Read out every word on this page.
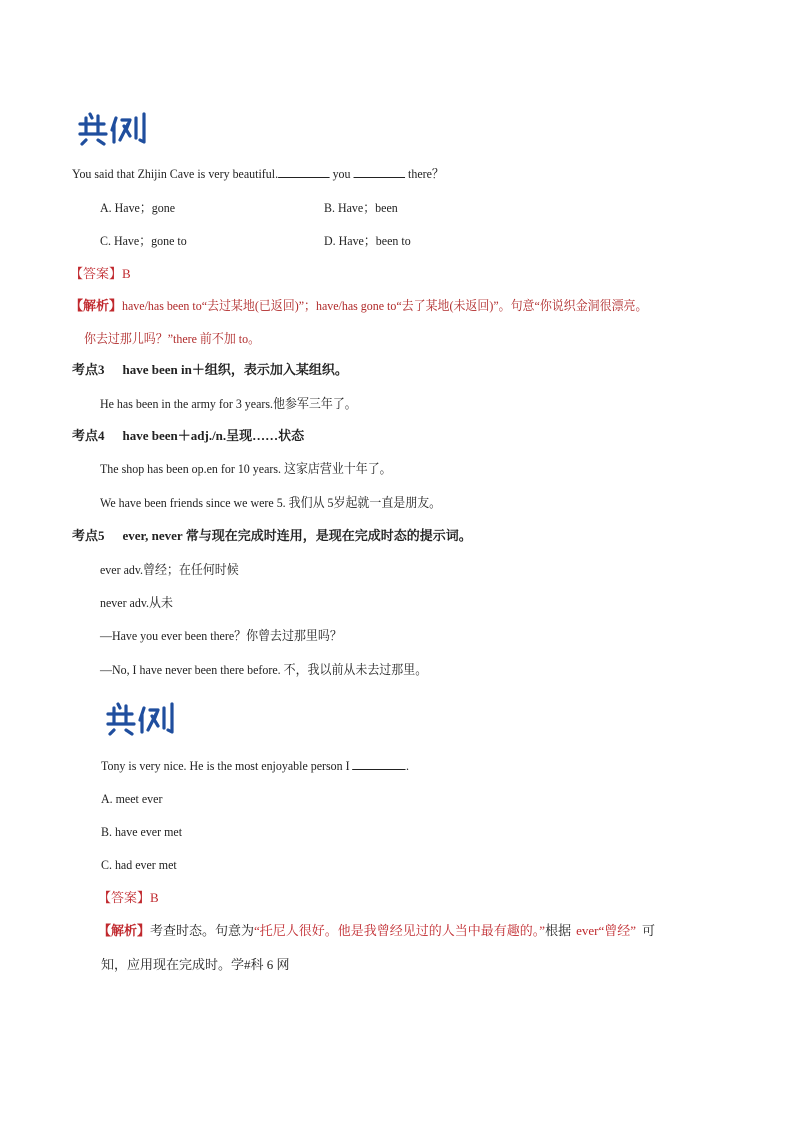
You said that Zhijin Cave is very beautiful.	you	there？
A. Have；gone	B. Have；been
C. Have；gone to	D. Have；been to
【答案】B
【解析】have/has been to“去过某地(已返回)”；have/has gone to“去了某地(未返回)”。句意“你说织金洞很漂亮。
你去过那儿吗？”there 前不加 to。
考点3 have been in＋组织，表示加入某组织。
He has been in the army for 3 years.他参军三年了。
考点4 have been＋adj./n.呈现……状态
The shop has been op.en for 10 years. 这家店营业十年了。
We have been friends since we were 5. 我们从 5岁起就一直是朋友。
考点5 ever, never 常与现在完成时连用，是现在完成时态的提示词。
ever adv.曾经；在任何时候
never adv.从未
—Have you ever been there？你曾去过那里吗？
—No, I have never been there before. 不，我以前从未去过那里。
Tony is very nice. He is the most enjoyable person I	.
A. meet ever
B. have ever met
C. had ever met
【答案】B
【解析】考查时态。句意为“托尼人很好。他是我曾经见过的人当中最有趣的。”根据 ever“曾经” 可
知，应用现在完成时。学#科 6 网
